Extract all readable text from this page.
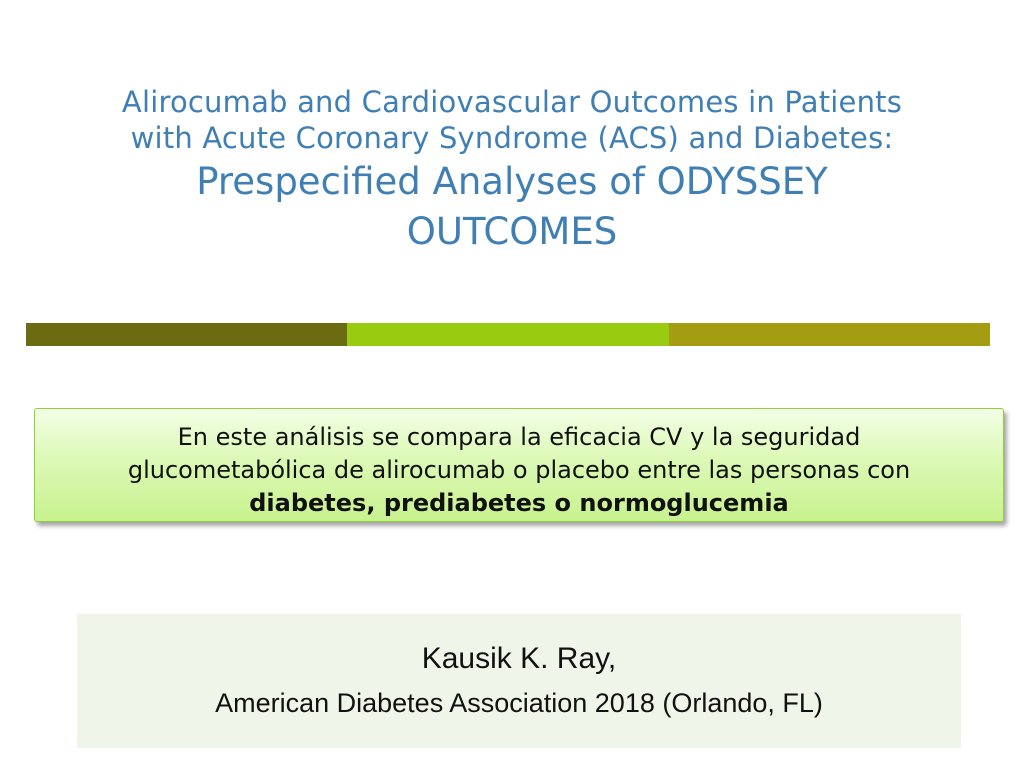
Alirocumab and Cardiovascular Outcomes in Patients
with Acute Coronary Syndrome (ACS) and Diabetes:
Prespecified Analyses of ODYSSEY
OUTCOMES
En este análisis se compara la eficacia CV y la seguridad
glucometabólica de alirocumab o placebo entre las personas con
diabetes, prediabetes o normoglucemia
Kausik K. Ray,
American Diabetes Association 2018 (Orlando, FL)
